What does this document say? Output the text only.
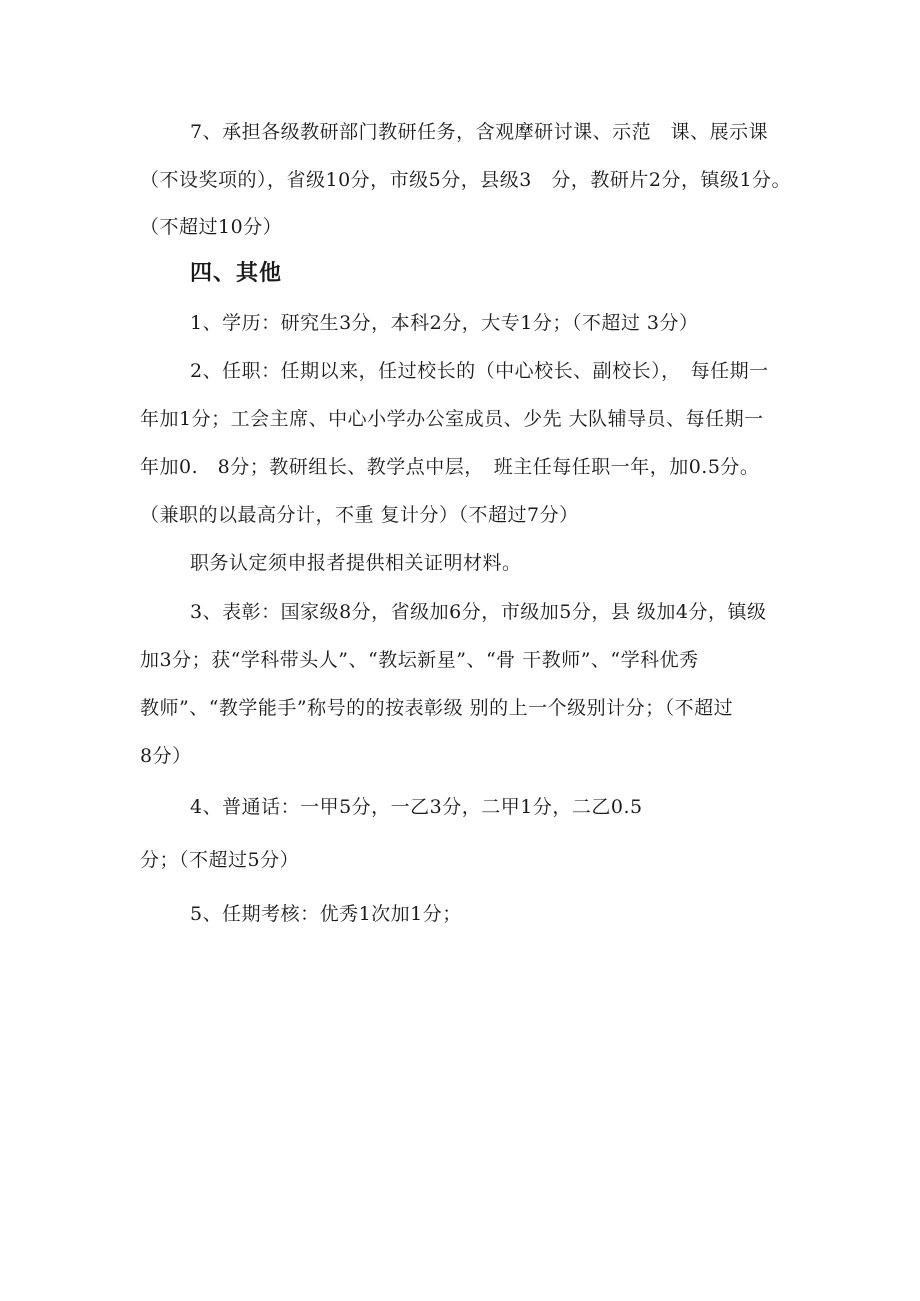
7、承担各级教研部门教研任务，含观摩研讨课、示范　课、展示课
（不设奖项的），省级10分，市级5分，县级3　分，教研片2分，镇级1分。
（不超过10分）
四、其他
1、学历：研究生3分，本科2分，大专1分；（不超过 3分）
2、任职：任期以来，任过校长的（中心校长、副校长），　每任期一
年加1分；工会主席、中心小学办公室成员、少先 大队辅导员、每任期一
年加0.　8分；教研组长、教学点中层，　班主任每任职一年，加0.5分。
（兼职的以最高分计，不重 复计分）（不超过7分）
职务认定须申报者提供相关证明材料。
3、表彰：国家级8分，省级加6分，市级加5分，县 级加4分，镇级
加3分；获“学科带头人”、“教坛新星”、“骨 干教师”、“学科优秀
教师”、“教学能手”称号的的按表彰级 别的上一个级别计分；（不超过
8分）
4、普通话：一甲5分，一乙3分，二甲1分，二乙0.5
分；（不超过5分）
5、任期考核：优秀1次加1分；
